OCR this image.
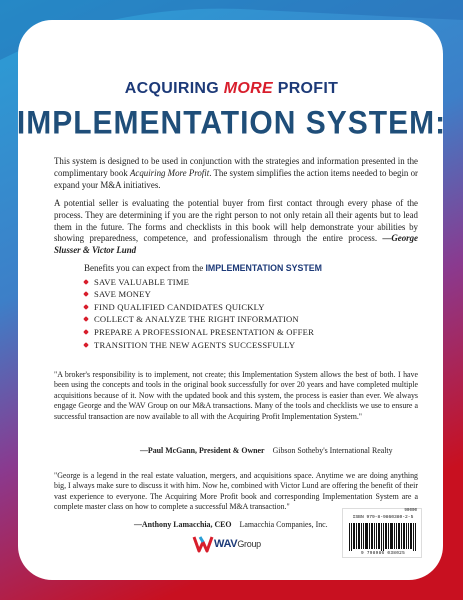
ACQUIRING MORE PROFIT
IMPLEMENTATION SYSTEM:

This system is designed to be used in conjunction with the strategies and information presented in the complimentary book Acquiring More Profit. The system simplifies the action items needed to begin or expand your M&A initiatives.

A potential seller is evaluating the potential buyer from first contact through every phase of the process. They are determining if you are the right person to not only retain all their agents but to lead them in the future. The forms and checklists in this book will help demonstrate your abilities by showing preparedness, competence, and professionalism through the entire process. —George Slusser & Victor Lund

Benefits you can expect from the IMPLEMENTATION SYSTEM
SAVE VALUABLE TIME
SAVE MONEY
FIND QUALIFIED CANDIDATES QUICKLY
COLLECT & ANALYZE THE RIGHT INFORMATION
PREPARE A PROFESSIONAL PRESENTATION & OFFER
TRANSITION THE NEW AGENTS SUCCESSFULLY

"A broker's responsibility is to implement, not create; this Implementation System allows the best of both. I have been using the concepts and tools in the original book successfully for over 20 years and have completed multiple acquisitions because of it. Now with the updated book and this system, the process is easier than ever. We always engage George and the WAV Group on our M&A transactions. Many of the tools and checklists we use to ensure a successful transaction are now available to all with the Acquiring Profit Implementation System."

—Paul McGann, President & Owner Gibson Sotheby's International Realty

"George is a legend in the real estate valuation, mergers, and acquisitions space. Anytime we are doing anything big, I always make sure to discuss it with him. Now he, combined with Victor Lund are offering the benefit of their vast experience to everyone. The Acquiring More Profit book and corresponding Implementation System are a complete master class on how to complete a successful M&A transaction."

—Anthony Lamacchia, CEO Lamacchia Companies, Inc.
WAVGroup
90000
ISBN 979-8-9860380-2-5
9 798986 038025
